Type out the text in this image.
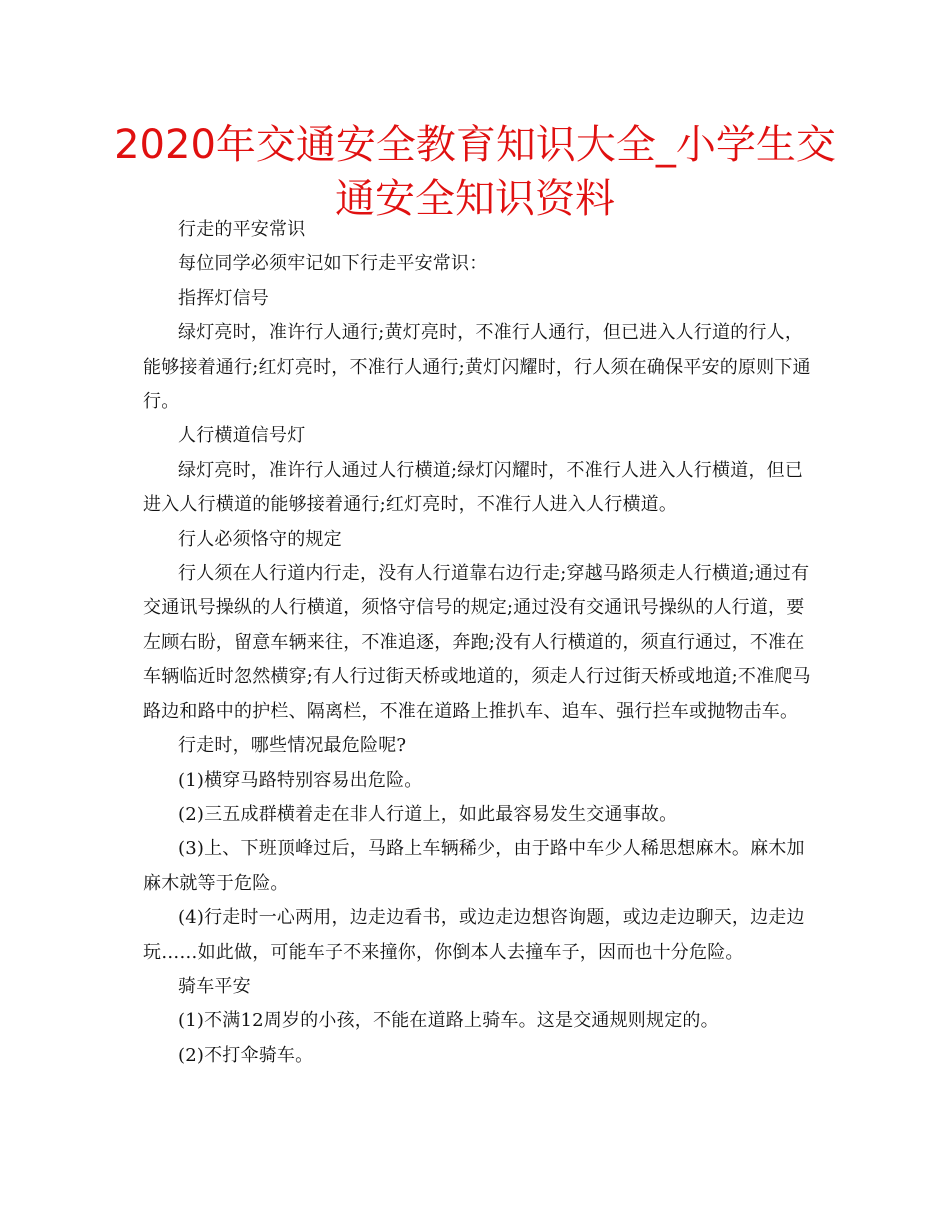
2020年交通安全教育知识大全_小学生交
通安全知识资料

行走的平安常识

每位同学必须牢记如下行走平安常识：

指挥灯信号

绿灯亮时，准许行人通行;黄灯亮时，不准行人通行，但已进入人行道的行人，能够接着通行;红灯亮时，不准行人通行;黄灯闪耀时，行人须在确保平安的原则下通行。

人行横道信号灯

绿灯亮时，准许行人通过人行横道;绿灯闪耀时，不准行人进入人行横道，但已进入人行横道的能够接着通行;红灯亮时，不准行人进入人行横道。

行人必须恪守的规定

行人须在人行道内行走，没有人行道靠右边行走;穿越马路须走人行横道;通过有交通讯号操纵的人行横道，须恪守信号的规定;通过没有交通讯号操纵的人行道，要左顾右盼，留意车辆来往，不准追逐，奔跑;没有人行横道的，须直行通过，不准在车辆临近时忽然横穿;有人行过街天桥或地道的，须走人行过街天桥或地道;不准爬马路边和路中的护栏、隔离栏，不准在道路上推扒车、追车、强行拦车或抛物击车。

行走时，哪些情况最危险呢?

(1)横穿马路特别容易出危险。

(2)三五成群横着走在非人行道上，如此最容易发生交通事故。

(3)上、下班顶峰过后，马路上车辆稀少，由于路中车少人稀思想麻木。麻木加麻木就等于危险。

(4)行走时一心两用，边走边看书，或边走边想咨询题，或边走边聊天，边走边玩……如此做，可能车子不来撞你，你倒本人去撞车子，因而也十分危险。

骑车平安

(1)不满12周岁的小孩，不能在道路上骑车。这是交通规则规定的。

(2)不打伞骑车。
